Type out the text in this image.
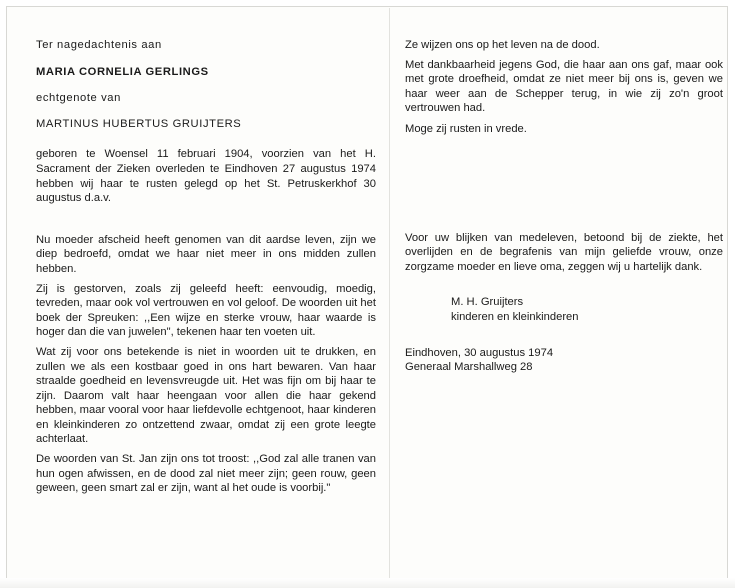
Ter nagedachtenis aan

MARIA CORNELIA GERLINGS

echtgenote van

MARTINUS HUBERTUS GRUIJTERS

geboren te Woensel 11 februari 1904, voorzien van het H. Sacrament der Zieken overleden te Eindhoven 27 augustus 1974 hebben wij haar te rusten gelegd op het St. Petruskerkhof 30 augustus d.a.v.

Nu moeder afscheid heeft genomen van dit aardse leven, zijn we diep bedroefd, omdat we haar niet meer in ons midden zullen hebben.

Zij is gestorven, zoals zij geleefd heeft: eenvoudig, moedig, tevreden, maar ook vol vertrouwen en vol geloof. De woorden uit het boek der Spreuken: ,,Een wijze en sterke vrouw, haar waarde is hoger dan die van juwelen", tekenen haar ten voeten uit.

Wat zij voor ons betekende is niet in woorden uit te drukken, en zullen we als een kostbaar goed in ons hart bewaren. Van haar straalde goedheid en levensvreugde uit. Het was fijn om bij haar te zijn. Daarom valt haar heengaan voor allen die haar gekend hebben, maar vooral voor haar liefdevolle echtgenoot, haar kinderen en kleinkinderen zo ontzettend zwaar, omdat zij een grote leegte achterlaat.

De woorden van St. Jan zijn ons tot troost: ,,God zal alle tranen van hun ogen afwissen, en de dood zal niet meer zijn; geen rouw, geen geween, geen smart zal er zijn, want al het oude is voorbij."

Ze wijzen ons op het leven na de dood.

Met dankbaarheid jegens God, die haar aan ons gaf, maar ook met grote droefheid, omdat ze niet meer bij ons is, geven we haar weer aan de Schepper terug, in wie zij zo'n groot vertrouwen had.

Moge zij rusten in vrede.

Voor uw blijken van medeleven, betoond bij de ziekte, het overlijden en de begrafenis van mijn geliefde vrouw, onze zorgzame moeder en lieve oma, zeggen wij u hartelijk dank.

M. H. Gruijters

kinderen en kleinkinderen

Eindhoven, 30 augustus 1974

Generaal Marshallweg 28
